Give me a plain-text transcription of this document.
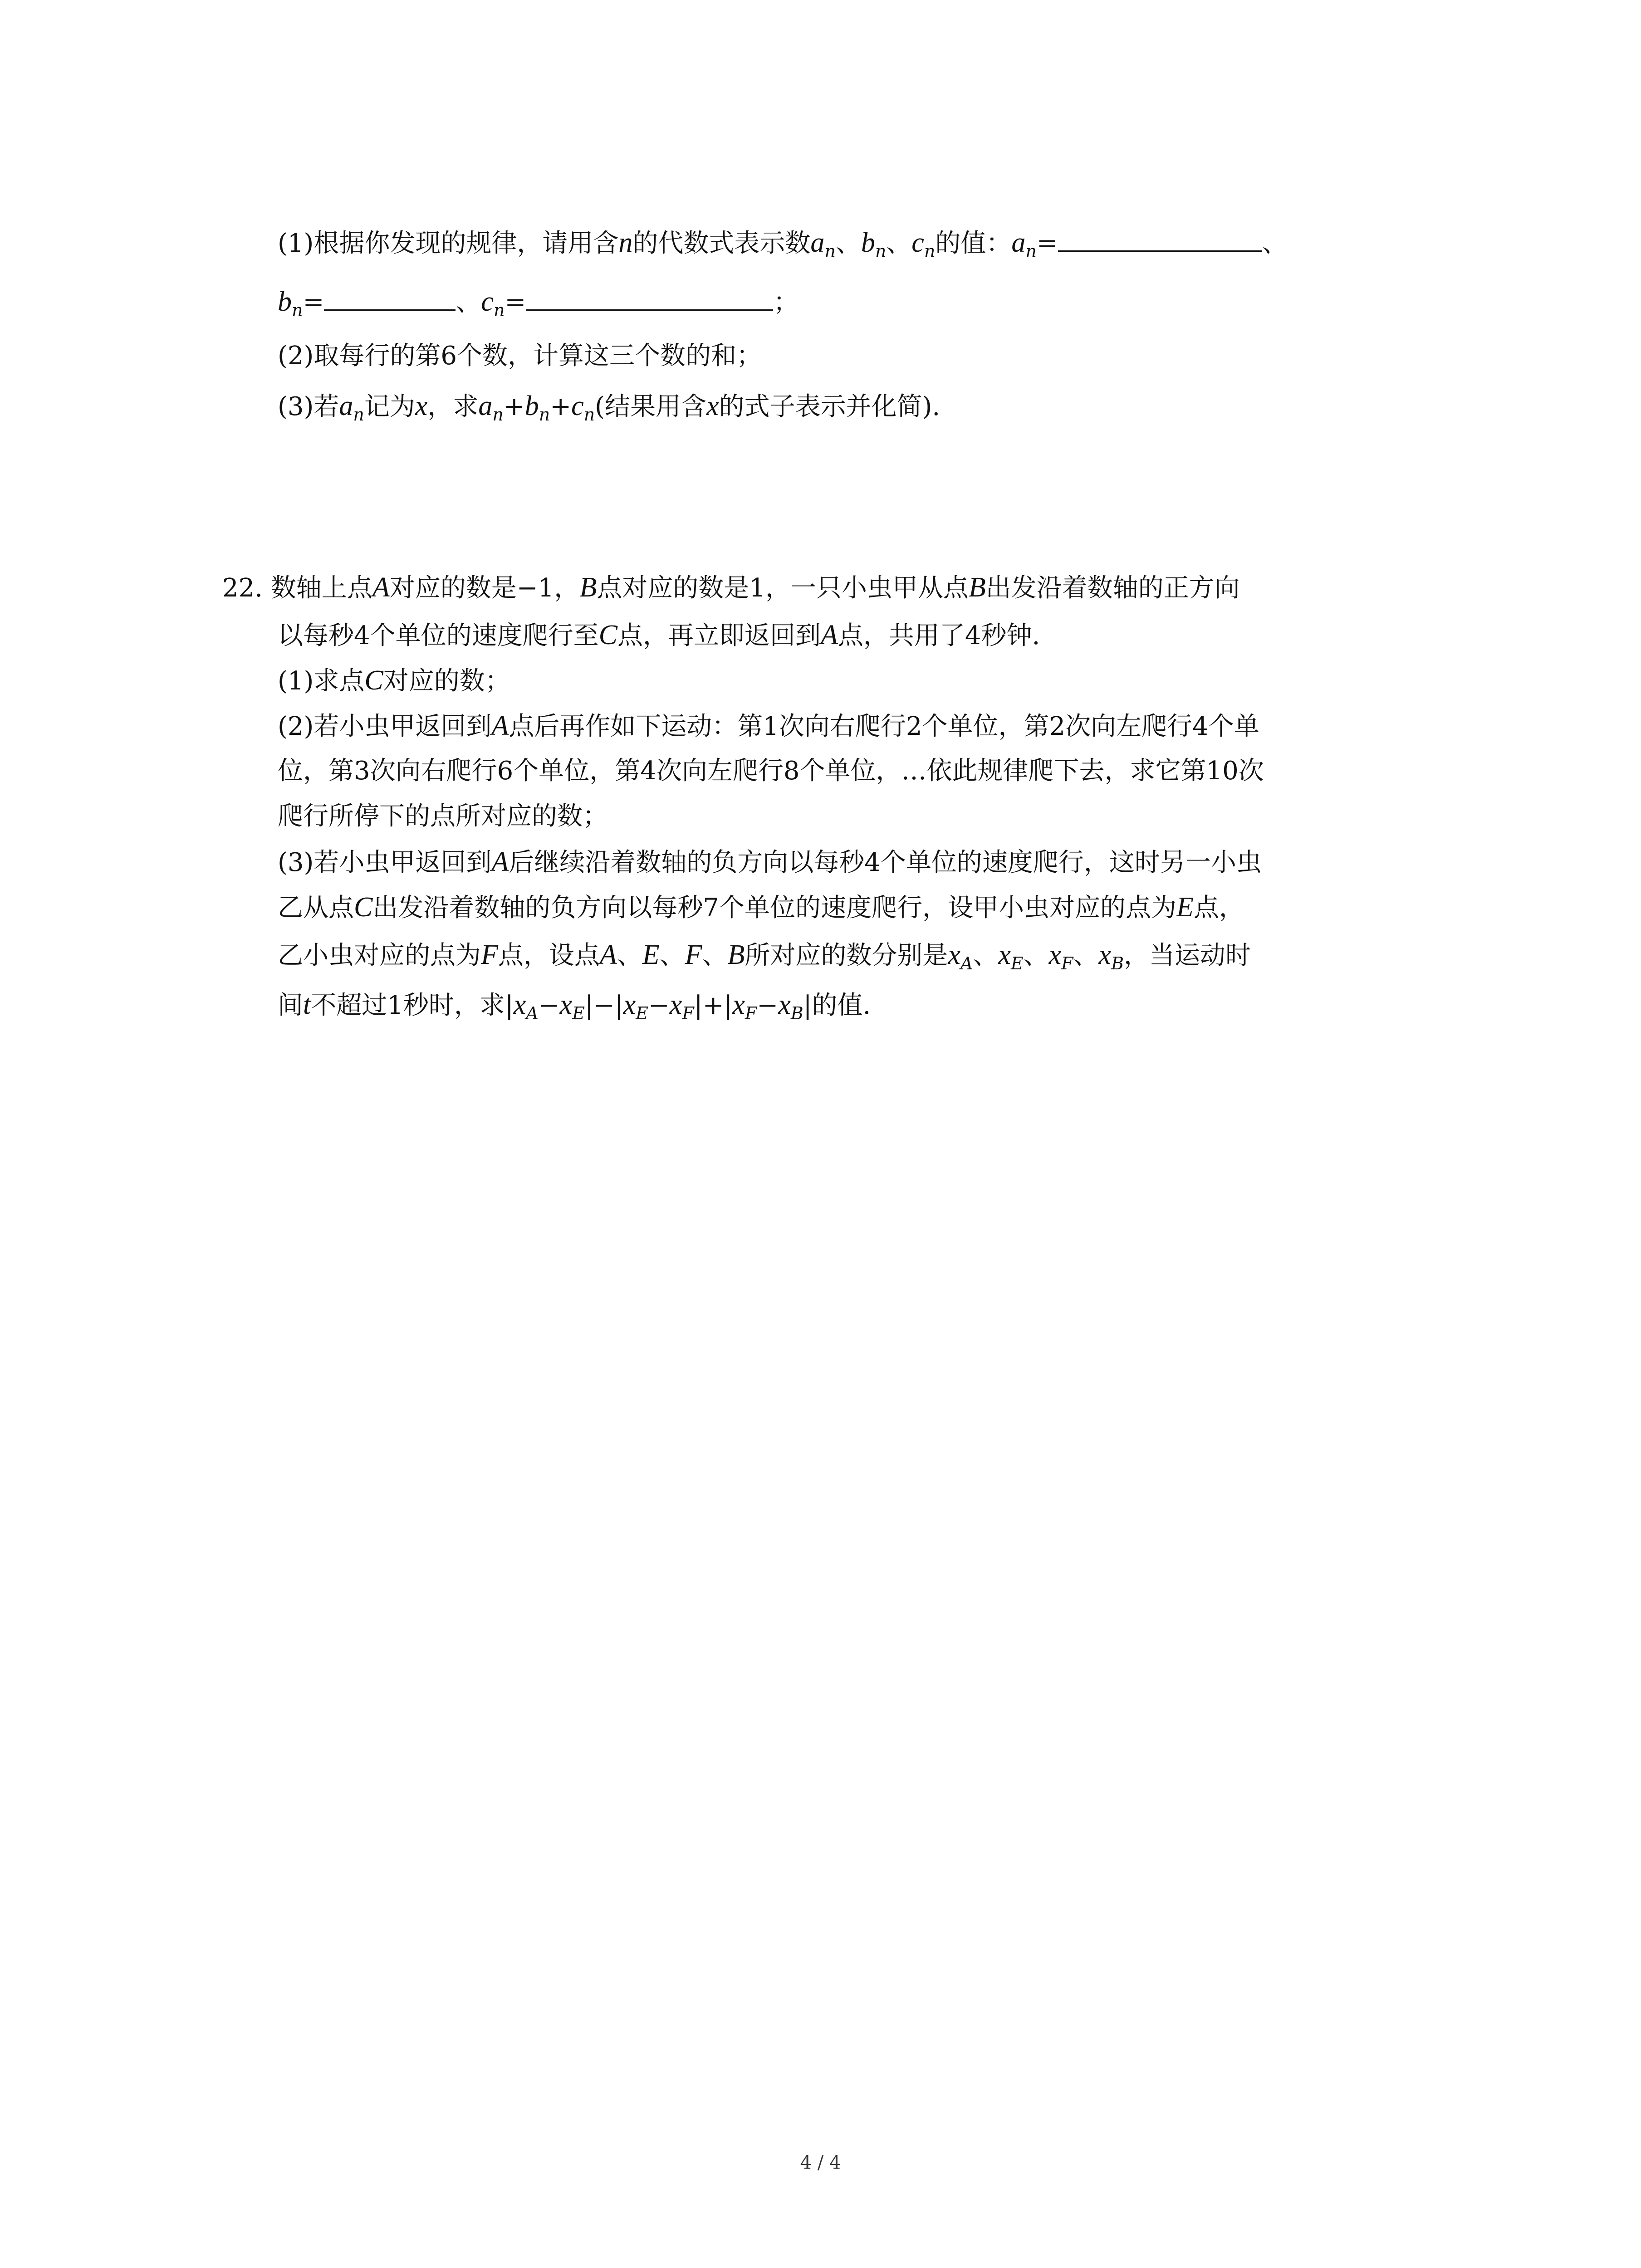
(1)根据你发现的规律，请用含n的代数式表示数$a_n$、$b_n$、$c_n$的值：$a_n=$	、
$b_n=$	、$c_n=$	；
(2)取每行的第6个数，计算这三个数的和；
(3)若$a_n$记为x，求$a_n+b_n+c_n$(结果用含x的式子表示并化简).
22. 数轴上点A对应的数是−1，B点对应的数是1，一只小虫甲从点B出发沿着数轴的正方向
以每秒4个单位的速度爬行至C点，再立即返回到A点，共用了4秒钟.
(1)求点C对应的数；
(2)若小虫甲返回到A点后再作如下运动：第1次向右爬行2个单位，第2次向左爬行4个单
位，第3次向右爬行6个单位，第4次向左爬行8个单位，…依此规律爬下去，求它第10次
爬行所停下的点所对应的数；
(3)若小虫甲返回到A后继续沿着数轴的负方向以每秒4个单位的速度爬行，这时另一小虫
乙从点C出发沿着数轴的负方向以每秒7个单位的速度爬行，设甲小虫对应的点为E点，
乙小虫对应的点为F点，设点A、E、F、B所对应的数分别是$x_A$、$x_E$、$x_F$、$x_B$，当运动时
间t不超过1秒时，求$|x_A-x_E|-|x_E-x_F|+|x_F-x_B|$的值.
4 / 4
